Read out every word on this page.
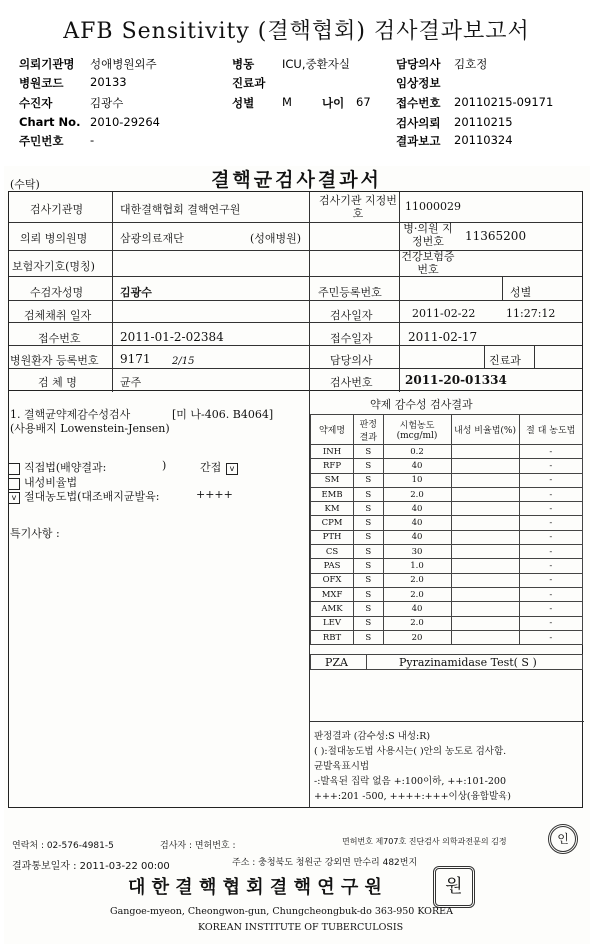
AFB Sensitivity (결핵협회) 검사결과보고서
의뢰기관명 성애병원외주
병원코드 20133
수진자	김광수
Chart No. 2010-29264
주민번호 -
병동 ICU,중환자실
진료과
성별 M	나이 67
담당의사 김호정
임상정보
접수번호 20110215-09171
검사의뢰 20110215
결과보고 20110324
(수탁)	결핵균검사결과서
검사기관명	대한결핵협회 결핵연구원
검사기관 지정번호
11000029
의뢰 병의원명	삼광의료재단	(성애병원)
병·의원 지정번호	11365200
보험자기호(명칭)
건강보험증 번호
수검자성명	김광수	주민등록번호	성별
검체채취 일자	검사일자	2011-02-22	11:27:12
접수번호	2011-01-2-02384	접수일자	2011-02-17
병원환자 등록번호 9171 2/15	담당의사	진료과
검 체 명	균주	검사번호	2011-20-01334
1. 결핵균약제감수성검사	[미 나-406. B4064]
(사용배지 Lowenstein-Jensen)
직접법(배양결과:	)	간접	v
내성비율법
v 절대농도법(대조배지균발육:	++++
특기사항 :
약제 감수성 검사결과
약제명	판정 결과	시험농도 (mcg/ml)	내성 비율법(%)	절 대 농도법
INH	S	0.2		-
RFP	S	40		-
SM	S	10		-
EMB	S	2.0		-
KM	S	40		-
CPM	S	40		-
PTH	S	40		-
CS	S	30		-
PAS	S	1.0		-
OFX	S	2.0		-
MXF	S	2.0		-
AMK	S	40		-
LEV	S	2.0		-
RBT	S	20		-
PZA	Pyrazinamidase Test( S )
판정결과 (감수성:S 내성:R)
( ):절대농도법 사용시는( )안의 농도로 검사함.
균발육표시법
-:발육된 집락 없음 +:100이하, ++:101-200
+++:201 -500, ++++:+++이상(융합발육)
연락처 : 02-576-4981-5	검사자 : 면허번호 :	면허번호 제707호 진단검사 의학과전문의 김정	인
결과통보일자 : 2011-03-22 00:00	주소 : 충청북도 청원군 강외면 만수리 482번지
대 한 결 핵 협 회 결 핵 연 구 원	원
Gangoe-myeon, Cheongwon-gun, Chungcheongbuk-do 363-950 KOREA
KOREAN INSTITUTE OF TUBERCULOSIS
